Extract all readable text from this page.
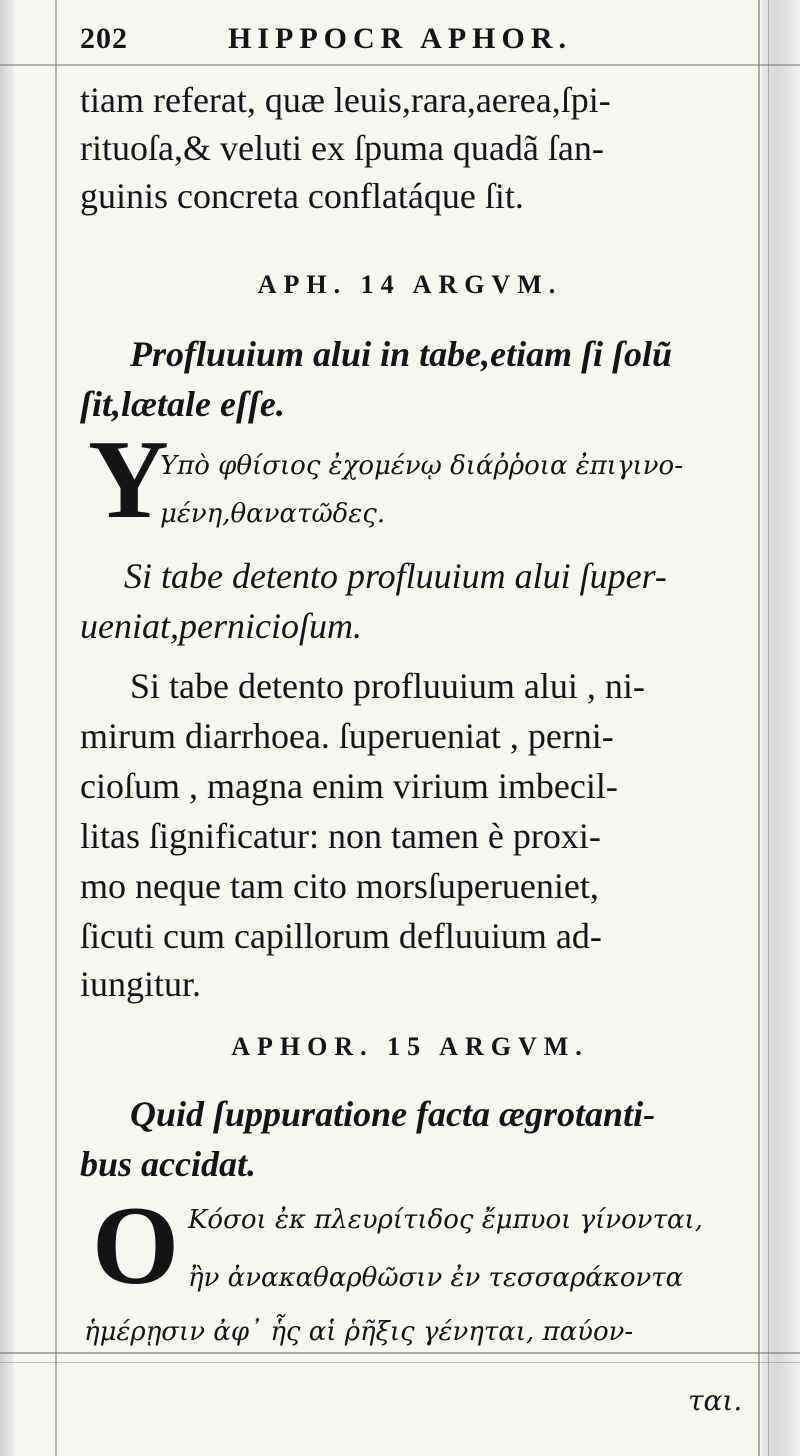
202	HIPPOCR APHOR.
tiam referat, quæ leuis,rara,aerea,ſpi-
rituoſa,& veluti ex ſpuma quadã ſan-
guinis concreta conflatáque ſit.
APH. 14 ARGVM.
Profluuium alui in tabe,etiam ſi ſolũ
ſit,lætale eſſe.
Y
Υπὸ φθίσιος ἐχομένῳ διάῤῥοια ἐπιγινο-
μένη,θανατῶδες.
Si tabe detento profluuium alui ſuper-
ueniat,pernicioſum.
Si tabe detento profluuium alui , ni-
mirum diarrhoea. ſuperueniat , perni-
cioſum , magna enim virium imbecil-
litas ſignificatur: non tamen è proxi-
mo neque tam cito morsſuperueniet,
ſicuti cum capillorum defluuium ad-
iungitur.
APHOR. 15 ARGVM.
Quid ſuppuratione facta ægrotanti-
bus accidat.
O Κόσοι ἐκ πλευρίτιδος ἔμπυοι γίνονται,
ἢν ἀνακαθαρθῶσιν ἐν τεσσαράκοντα
ἡμέρῃσιν ἀφ᾽ ἧς αἱ ῥῆξις γένηται, παύον-
ται.
